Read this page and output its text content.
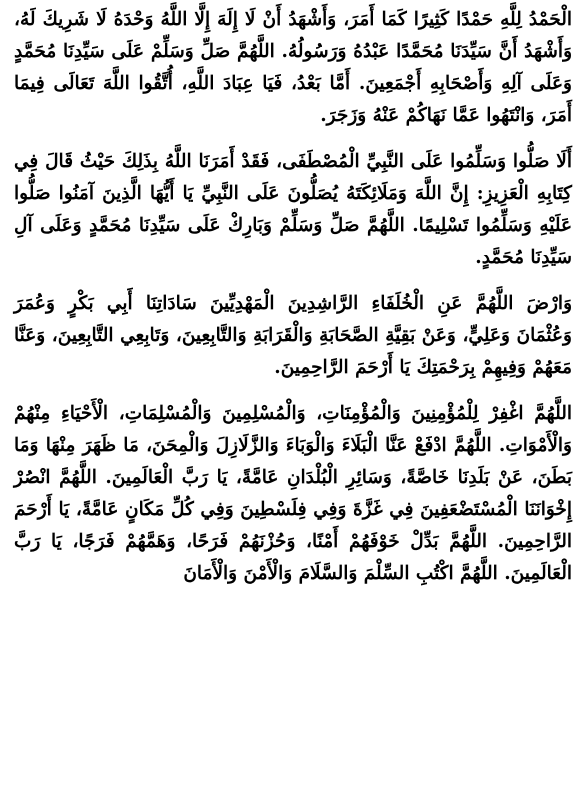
الْحَمْدُ لِلَّهِ حَمْدًا كَثِيرًا كَمَا أَمَرَ، وَأَشْهَدُ أَنْ لَا إِلَهَ إِلَّا اللَّهُ وَحْدَهُ لَا شَرِيكَ لَهُ، وَأَشْهَدُ أَنَّ سَيِّدَنَا مُحَمَّدًا عَبْدُهُ وَرَسُولُهُ. اللَّهُمَّ صَلِّ وَسَلِّمْ عَلَى سَيِّدِنَا مُحَمَّدٍ وَعَلَى آلِهِ وَأَصْحَابِهِ أَجْمَعِينَ. أَمَّا بَعْدُ، فَيَا عِبَادَ اللَّهِ، أُتَّقُوا اللَّهَ تَعَالَى فِيمَا أَمَرَ، وَانْتَهُوا عَمَّا نَهَاكُمْ عَنْهُ وَزَجَرَ.

أَلَا صَلُّوا وَسَلِّمُوا عَلَى النَّبِيِّ الْمُصْطَفَى، فَقَدْ أَمَرَنَا اللَّهُ بِذَلِكَ حَيْثُ قَالَ فِي كِتَابِهِ الْعَزِيزِ: إِنَّ اللَّهَ وَمَلَائِكَتَهُ يُصَلُّونَ عَلَى النَّبِيِّ يَا أَيُّهَا الَّذِينَ آمَنُوا صَلُّوا عَلَيْهِ وَسَلِّمُوا تَسْلِيمًا. اللَّهُمَّ صَلِّ وَسَلِّمْ وَبَارِكْ عَلَى سَيِّدِنَا مُحَمَّدٍ وَعَلَى آلِ سَيِّدِنَا مُحَمَّدٍ.

وَارْضَ اللَّهُمَّ عَنِ الْخُلَفَاءِ الرَّاشِدِينَ الْمَهْدِيِّينَ سَادَاتِنَا أَبِي بَكْرٍ وَعُمَرَ وَعُثْمَانَ وَعَلِيٍّ، وَعَنْ بَقِيَّةِ الصَّحَابَةِ وَالْقَرَابَةِ وَالتَّابِعِينَ، وَتَابِعِي التَّابِعِينَ، وَعَنَّا مَعَهُمْ وَفِيهِمْ بِرَحْمَتِكَ يَا أَرْحَمَ الرَّاحِمِينَ.

اللَّهُمَّ اغْفِرْ لِلْمُؤْمِنِينَ وَالْمُؤْمِنَاتِ، وَالْمُسْلِمِينَ وَالْمُسْلِمَاتِ، الْأَحْيَاءِ مِنْهُمْ وَالْأَمْوَاتِ. اللَّهُمَّ ادْفَعْ عَنَّا الْبَلَاءَ وَالْوَبَاءَ وَالزَّلَازِلَ وَالْمِحَنَ، مَا ظَهَرَ مِنْهَا وَمَا بَطَنَ، عَنْ بَلَدِنَا خَاصَّةً، وَسَائِرِ الْبُلْدَانِ عَامَّةً، يَا رَبَّ الْعَالَمِينَ. اللَّهُمَّ انْصُرْ إِخْوَانَنَا الْمُسْتَضْعَفِينَ فِي غَزَّةَ وَفِي فِلَسْطِينَ وَفِي كُلِّ مَكَانٍ عَامَّةً، يَا أَرْحَمَ الرَّاحِمِينَ. اللَّهُمَّ بَدِّلْ خَوْفَهُمْ أَمْنًا، وَحُزْنَهُمْ فَرَحًا، وَهَمَّهُمْ فَرَجًا، يَا رَبَّ الْعَالَمِينَ. اللَّهُمَّ اكْتُبِ السِّلْمَ وَالسَّلَامَ وَالْأَمْنَ وَالْأَمَانَ
